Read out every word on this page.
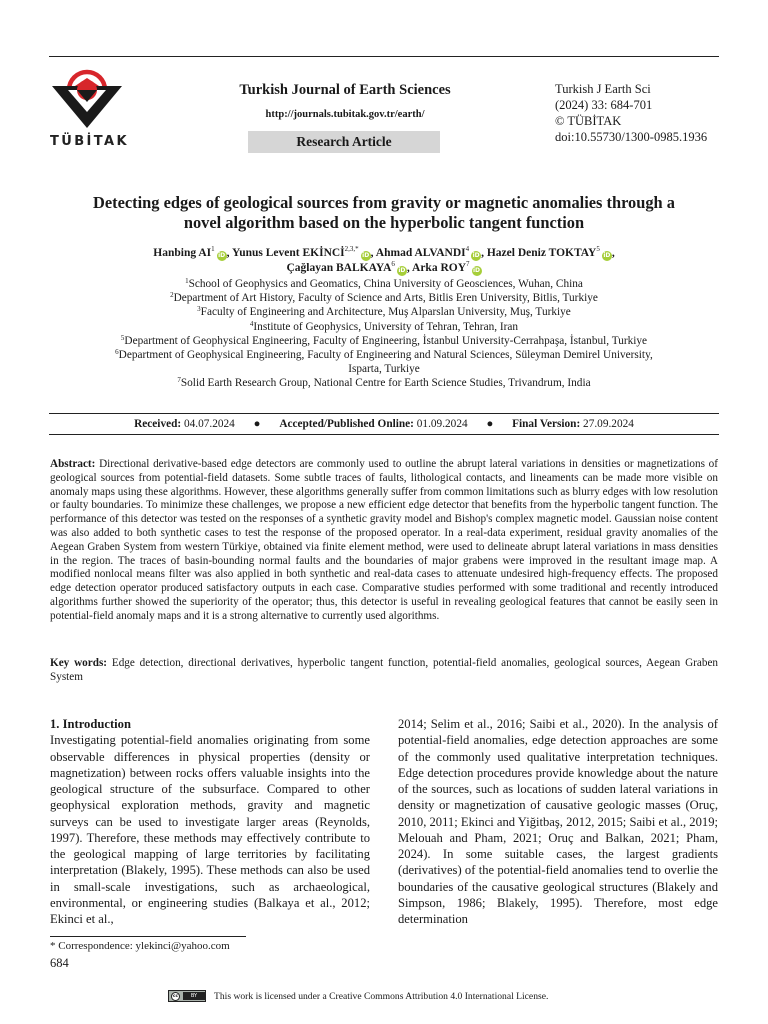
TÜBİTAK
Turkish Journal of Earth Sciences
http://journals.tubitak.gov.tr/earth/
Research Article
Turkish J Earth Sci
(2024) 33: 684-701
© TÜBİTAK
doi:10.55730/1300-0985.1936
Detecting edges of geological sources from gravity or magnetic anomalies through a
novel algorithm based on the hyperbolic tangent function
Hanbing $AI^1iD$, Yunus Levent $EKİNCİ^{2,3,*}iD$, Ahmad ALVANDI$^4$iD, Hazel Deniz TOKTAY$^5$iD,
Çağlayan BALKAYA$^6$iD, Arka ROY$^7$iD
$^1$School of Geophysics and Geomatics, China University of Geosciences, Wuhan, China
$^2$Department of Art History, Faculty of Science and Arts, Bitlis Eren University, Bitlis, Turkiye
$^3$Faculty of Engineering and Architecture, Muş Alparslan University, Muş, Turkiye
$^4$Institute of Geophysics, University of Tehran, Tehran, Iran
$^5$Department of Geophysical Engineering, Faculty of Engineering, İstanbul University-Cerrahpaşa, İstanbul, Turkiye
$^6$Department of Geophysical Engineering, Faculty of Engineering and Natural Sciences, Süleyman Demirel University,
Isparta, Turkiye
$^7$Solid Earth Research Group, National Centre for Earth Science Studies, Trivandrum, India
Received: 04.07.2024 ● Accepted/Published Online: 01.09.2024 ● Final Version: 27.09.2024
Abstract: Directional derivative-based edge detectors are commonly used to outline the abrupt lateral variations in densities or magnetizations of geological sources from potential-field datasets. Some subtle traces of faults, lithological contacts, and lineaments can be made more visible on anomaly maps using these algorithms. However, these algorithms generally suffer from common limitations such as blurry edges with low resolution or faulty boundaries. To minimize these challenges, we propose a new efficient edge detector that benefits from the hyperbolic tangent function. The performance of this detector was tested on the responses of a synthetic gravity model and Bishop's complex magnetic model. Gaussian noise content was also added to both synthetic cases to test the response of the proposed operator. In a real-data experiment, residual gravity anomalies of the Aegean Graben System from western Türkiye, obtained via finite element method, were used to delineate abrupt lateral variations in mass densities in the region. The traces of basin-bounding normal faults and the boundaries of major grabens were improved in the resultant image map. A modified nonlocal means filter was also applied in both synthetic and real-data cases to attenuate undesired high-frequency effects. The proposed edge detection operator produced satisfactory outputs in each case. Comparative studies performed with some traditional and recently introduced algorithms further showed the superiority of the operator; thus, this detector is useful in revealing geological features that cannot be easily seen in potential-field anomaly maps and it is a strong alternative to currently used algorithms.
Key words: Edge detection, directional derivatives, hyperbolic tangent function, potential-field anomalies, geological sources, Aegean Graben System
1. Introduction
Investigating potential-field anomalies originating from some observable differences in physical properties (density or magnetization) between rocks offers valuable insights into the geological structure of the subsurface. Compared to other geophysical exploration methods, gravity and magnetic surveys can be used to investigate larger areas (Reynolds, 1997). Therefore, these methods may effectively contribute to the geological mapping of large territories by facilitating interpretation (Blakely, 1995). These methods can also be used in small-scale investigations, such as archaeological, environmental, or engineering studies (Balkaya et al., 2012; Ekinci et al.,
2014; Selim et al., 2016; Saibi et al., 2020). In the analysis of potential-field anomalies, edge detection approaches are some of the commonly used qualitative interpretation techniques. Edge detection procedures provide knowledge about the nature of the sources, such as locations of sudden lateral variations in density or magnetization of causative geologic masses (Oruç, 2010, 2011; Ekinci and Yiğitbaş, 2012, 2015; Saibi et al., 2019; Melouah and Pham, 2021; Oruç and Balkan, 2021; Pham, 2024). In some suitable cases, the largest gradients (derivatives) of the potential-field anomalies tend to overlie the boundaries of the causative geological structures (Blakely and Simpson, 1986; Blakely, 1995). Therefore, most edge determination
* Correspondence: ylekinci@yahoo.com
684
cc	BY	This work is licensed under a Creative Commons Attribution 4.0 International License.
